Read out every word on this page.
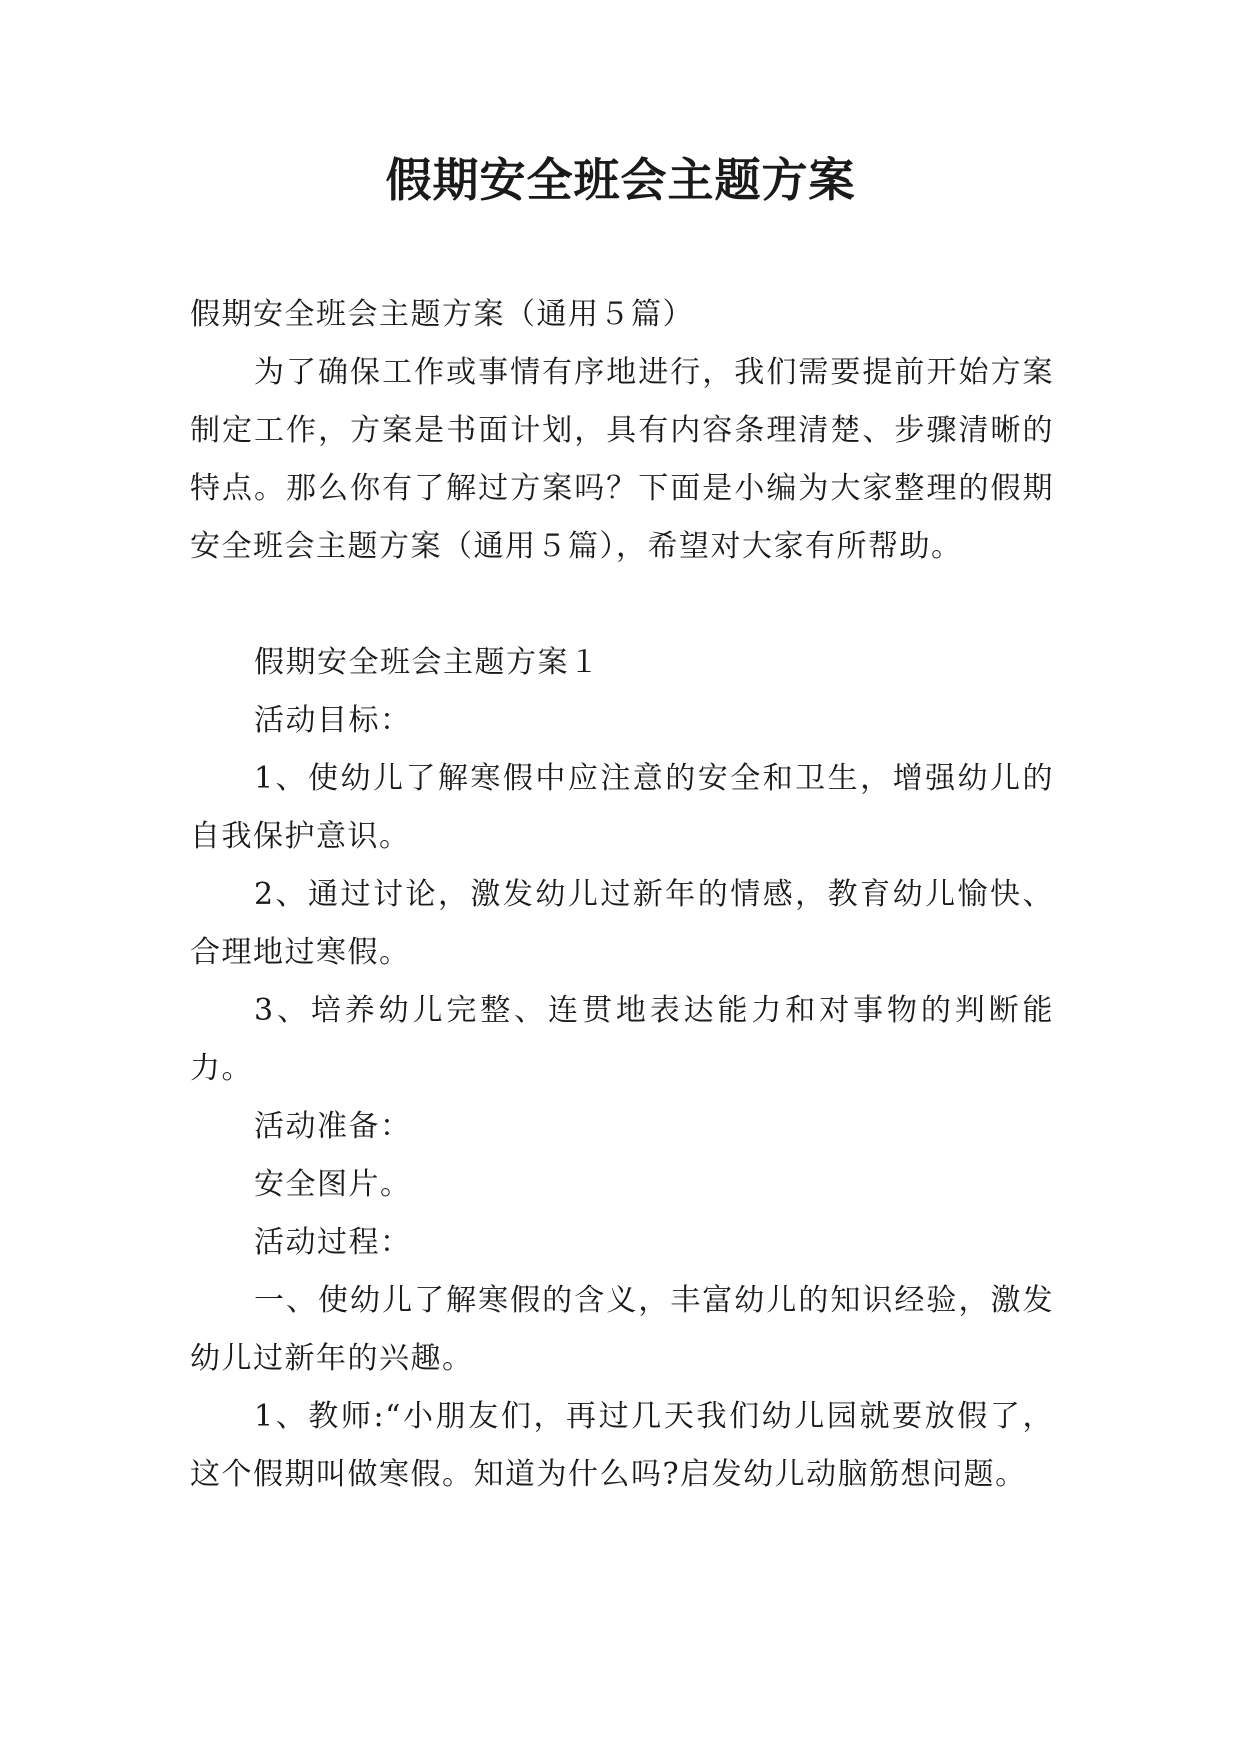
假期安全班会主题方案

假期安全班会主题方案（通用５篇）

为了确保工作或事情有序地进行，我们需要提前开始方案制定工作，方案是书面计划，具有内容条理清楚、步骤清晰的特点。那么你有了解过方案吗？下面是小编为大家整理的假期安全班会主题方案（通用５篇），希望对大家有所帮助。

假期安全班会主题方案１

活动目标：

1、使幼儿了解寒假中应注意的安全和卫生，增强幼儿的自我保护意识。

2、通过讨论，激发幼儿过新年的情感，教育幼儿愉快、合理地过寒假。

3、培养幼儿完整、连贯地表达能力和对事物的判断能力。

活动准备：

安全图片。

活动过程：

一、使幼儿了解寒假的含义，丰富幼儿的知识经验，激发幼儿过新年的兴趣。

1、教师:“小朋友们，再过几天我们幼儿园就要放假了，这个假期叫做寒假。知道为什么吗?启发幼儿动脑筋想问题。
